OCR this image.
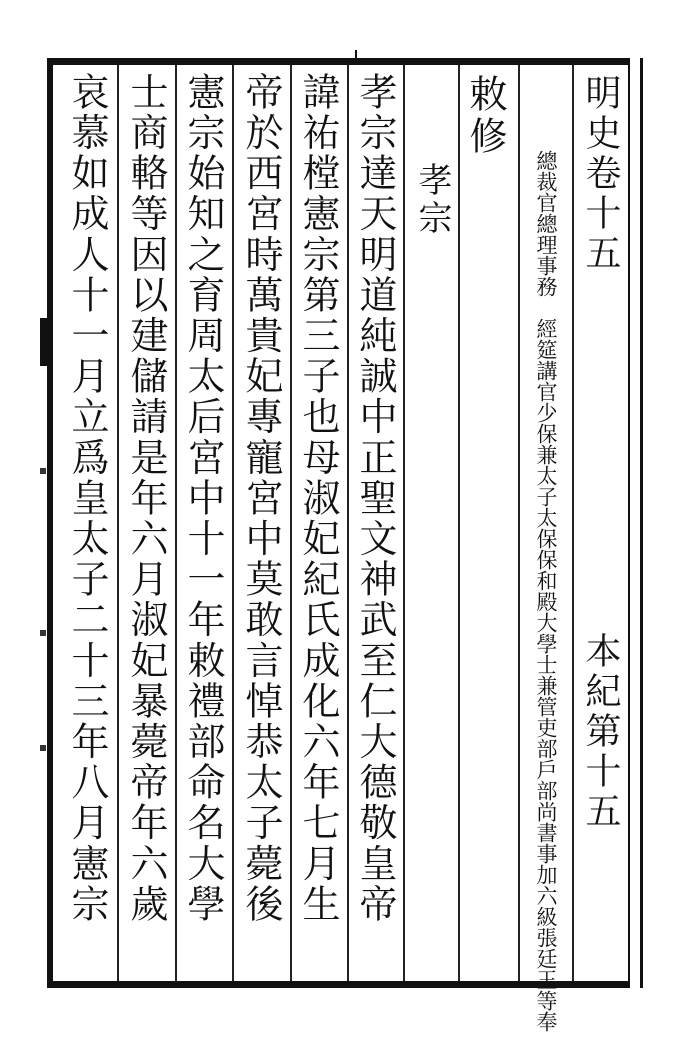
明史卷十五
本紀第十五
總裁官總理事務　經筵講官少保兼太子太保保和殿大學士兼管吏部戶部尚書事加六級張廷玉等奉
敕修
孝宗
孝宗達天明道純誠中正聖文神武至仁大德敬皇帝
諱祐樘憲宗第三子也母淑妃紀氏成化六年七月生
帝於西宮時萬貴妃專寵宮中莫敢言悼恭太子薨後
憲宗始知之育周太后宮中十一年敕禮部命名大學
士商輅等因以建儲請是年六月淑妃暴薨帝年六歲
哀慕如成人十一月立爲皇太子二十三年八月憲宗
